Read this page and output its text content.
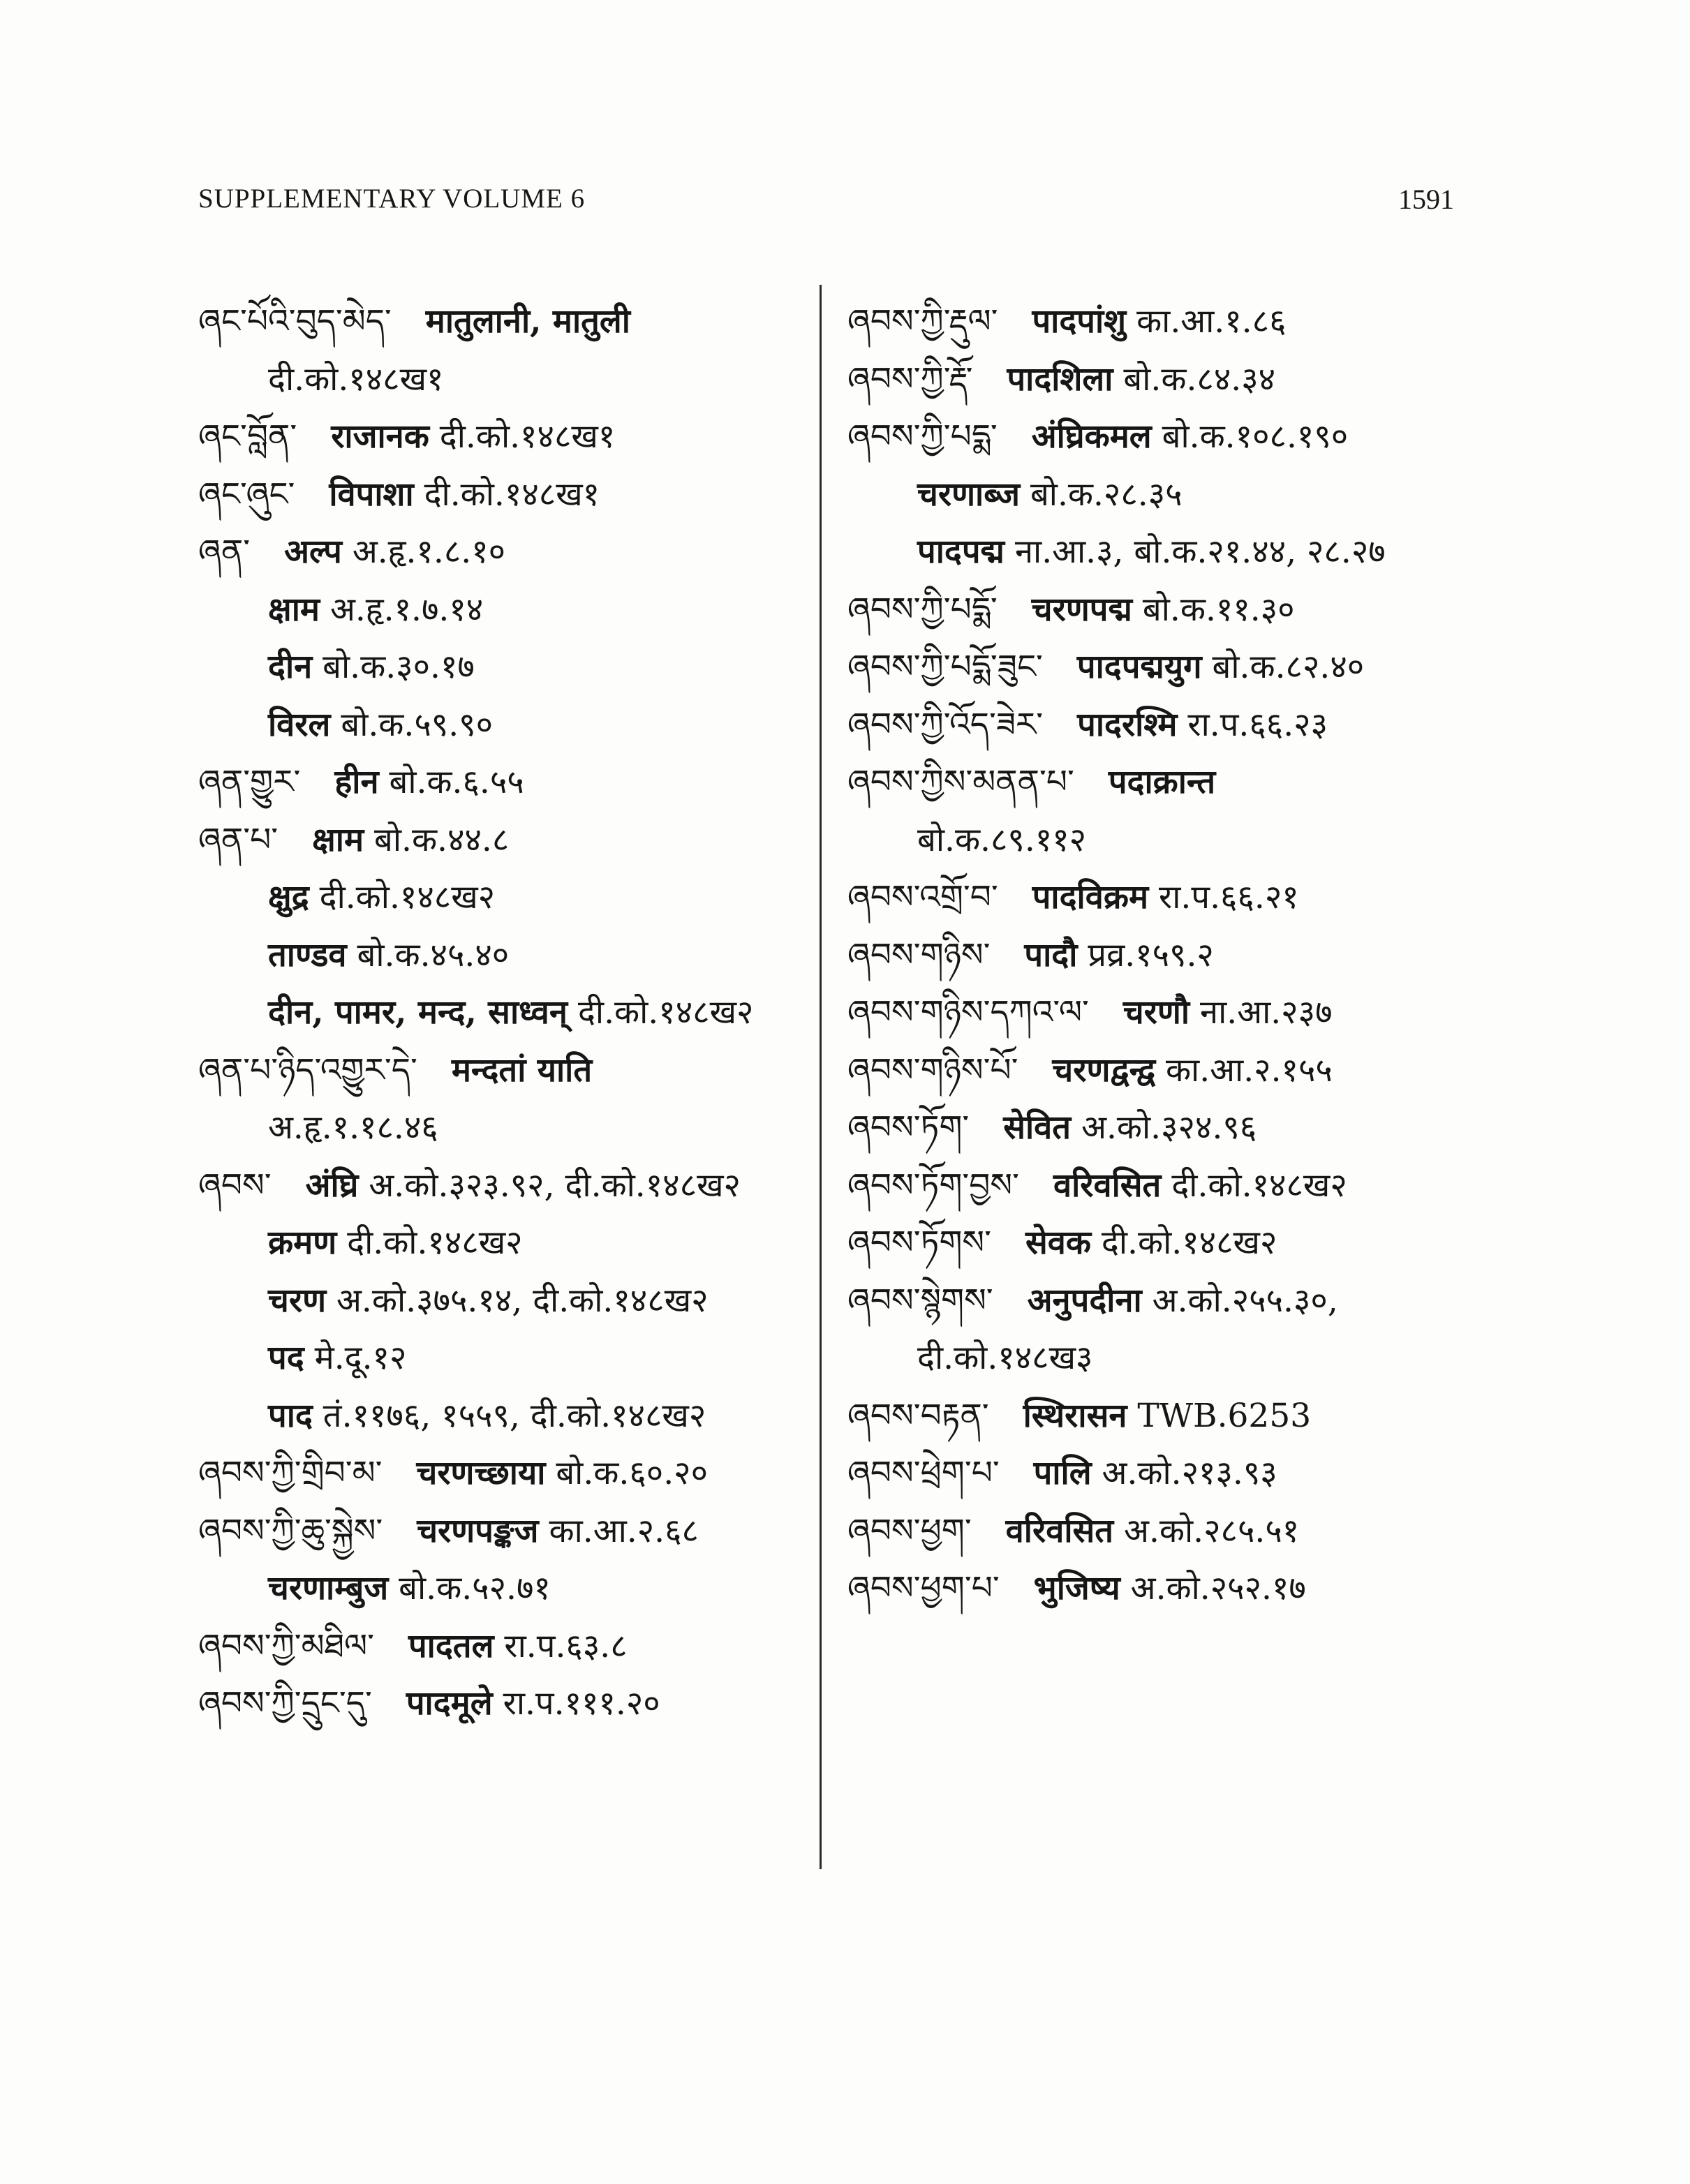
SUPPLEMENTARY VOLUME 6	1591
ཞང་པོའི་བུད་མེད་ मातुलानी, मातुली
दी.को.१४८ख१
ཞང་བློན་ राजानक दी.को.१४८ख१
ཞང་ཞུང་ विपाशा दी.को.१४८ख१
ཞན་ अल्प अ.हृ.१.८.१०
क्षाम अ.हृ.१.७.१४
दीन बो.क.३०.१७
विरल बो.क.५९.९०
ཞན་གྱུར་ हीन बो.क.६.५५
ཞན་པ་ क्षाम बो.क.४४.८
क्षुद्र दी.को.१४८ख२
ताण्डव बो.क.४५.४०
दीन, पामर, मन्द, साध्वन् दी.को.१४८ख२
ཞན་པ་ཉིད་འགྱུར་དེ་ मन्दतां याति
अ.हृ.१.१८.४६
ཞབས་ अंघ्रि अ.को.३२३.९२, दी.को.१४८ख२
क्रमण दी.को.१४८ख२
चरण अ.को.३७५.१४, दी.को.१४८ख२
पद मे.दू.१२
पाद तं.११७६, १५५९, दी.को.१४८ख२
ཞབས་ཀྱི་གྲིབ་མ་ चरणच्छाया बो.क.६०.२०
ཞབས་ཀྱི་ཆུ་སྐྱེས་ चरणपङ्कज का.आ.२.६८
चरणाम्बुज बो.क.५२.७१
ཞབས་ཀྱི་མཐིལ་ पादतल रा.प.६३.८
ཞབས་ཀྱི་དྲུང་དུ་ पादमूले रा.प.१११.२०
ཞབས་ཀྱི་རྡུལ་ पादपांशु का.आ.१.८६
ཞབས་ཀྱི་རྡོ་ पादशिला बो.क.८४.३४
ཞབས་ཀྱི་པདྨ་ अंघ्रिकमल बो.क.१०८.१९०
चरणाब्ज बो.क.२८.३५
पादपद्म ना.आ.३, बो.क.२१.४४, २८.२७
ཞབས་ཀྱི་པདྨོ་ चरणपद्म बो.क.११.३०
ཞབས་ཀྱི་པདྨོ་ཟུང་ पादपद्मयुग बो.क.८२.४०
ཞབས་ཀྱི་འོད་ཟེར་ पादरश्मि रा.प.६६.२३
ཞབས་ཀྱིས་མནན་པ་ पदाक्रान्त
बो.क.८९.११२
ཞབས་འགྲོ་བ་ पादविक्रम रा.प.६६.२१
ཞབས་གཉིས་ पादौ प्रव्र.१५९.२
ཞབས་གཉིས་དཀའ་ལ་ चरणौ ना.आ.२३७
ཞབས་གཉིས་པོ་ चरणद्वन्द्व का.आ.२.१५५
ཞབས་ཏོག་ सेवित अ.को.३२४.९६
ཞབས་ཏོག་བྱས་ वरिवसित दी.को.१४८ख२
ཞབས་ཏོགས་ सेवक दी.को.१४८ख२
ཞབས་སྙེགས་ अनुपदीना अ.को.२५५.३०,
दी.को.१४८ख३
ཞབས་བརྟན་ स्थिरासन TWB.6253
ཞབས་ཕྲེག་པ་ पालि अ.को.२१३.९३
ཞབས་ཕྱག་ वरिवसित अ.को.२८५.५१
ཞབས་ཕྱག་པ་ भुजिष्य अ.को.२५२.१७
